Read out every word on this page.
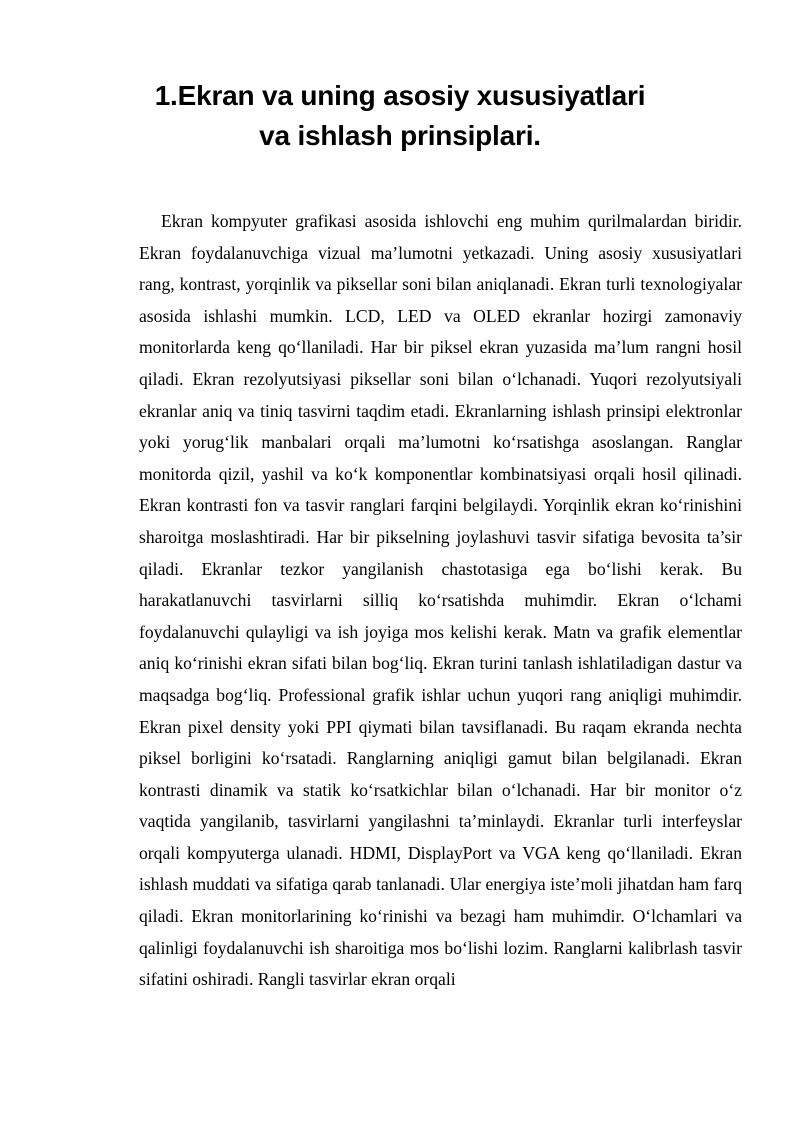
1.Ekran va uning asosiy xususiyatlari va ishlash prinsiplari.

Ekran kompyuter grafikasi asosida ishlovchi eng muhim qurilmalardan biridir. Ekran foydalanuvchiga vizual ma’lumotni yetkazadi. Uning asosiy xususiyatlari rang, kontrast, yorqinlik va piksellar soni bilan aniqlanadi. Ekran turli texnologiyalar asosida ishlashi mumkin. LCD, LED va OLED ekranlar hozirgi zamonaviy monitorlarda keng qo‘llaniladi. Har bir piksel ekran yuzasida ma’lum rangni hosil qiladi. Ekran rezolyutsiyasi piksellar soni bilan o‘lchanadi. Yuqori rezolyutsiyali ekranlar aniq va tiniq tasvirni taqdim etadi. Ekranlarning ishlash prinsipi elektronlar yoki yorug‘lik manbalari orqali ma’lumotni ko‘rsatishga asoslangan. Ranglar monitorda qizil, yashil va ko‘k komponentlar kombinatsiyasi orqali hosil qilinadi. Ekran kontrasti fon va tasvir ranglari farqini belgilaydi. Yorqinlik ekran ko‘rinishini sharoitga moslashtiradi. Har bir pikselning joylashuvi tasvir sifatiga bevosita ta’sir qiladi. Ekranlar tezkor yangilanish chastotasiga ega bo‘lishi kerak. Bu harakatlanuvchi tasvirlarni silliq ko‘rsatishda muhimdir. Ekran o‘lchami foydalanuvchi qulayligi va ish joyiga mos kelishi kerak. Matn va grafik elementlar aniq ko‘rinishi ekran sifati bilan bog‘liq. Ekran turini tanlash ishlatiladigan dastur va maqsadga bog‘liq. Professional grafik ishlar uchun yuqori rang aniqligi muhimdir. Ekran pixel density yoki PPI qiymati bilan tavsiflanadi. Bu raqam ekranda nechta piksel borligini ko‘rsatadi. Ranglarning aniqligi gamut bilan belgilanadi. Ekran kontrasti dinamik va statik ko‘rsatkichlar bilan o‘lchanadi. Har bir monitor o‘z vaqtida yangilanib, tasvirlarni yangilashni ta’minlaydi. Ekranlar turli interfeyslar orqali kompyuterga ulanadi. HDMI, DisplayPort va VGA keng qo‘llaniladi. Ekran ishlash muddati va sifatiga qarab tanlanadi. Ular energiya iste’moli jihatdan ham farq qiladi. Ekran monitorlarining ko‘rinishi va bezagi ham muhimdir. O‘lchamlari va qalinligi foydalanuvchi ish sharoitiga mos bo‘lishi lozim. Ranglarni kalibrlash tasvir sifatini oshiradi. Rangli tasvirlar ekran orqali
